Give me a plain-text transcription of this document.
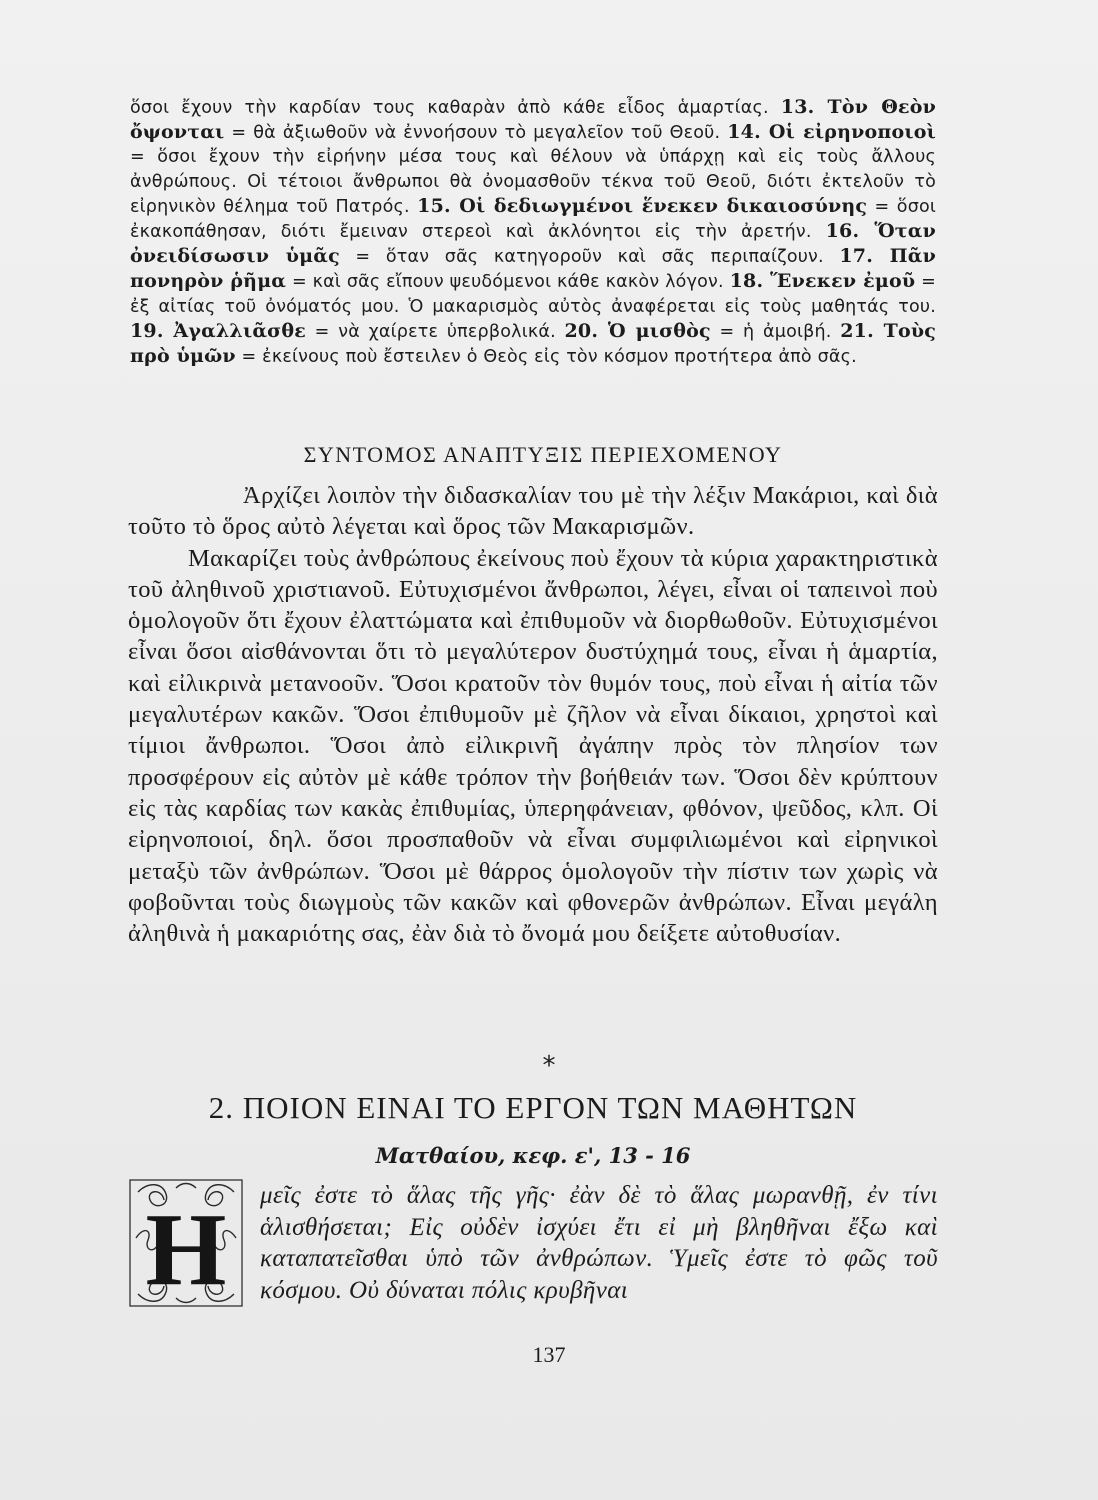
ὅσοι ἔχουν τὴν καρδίαν τους καθαρὰν ἀπὸ κάθε εἶδος ἁμαρτίας. 13. Τὸν Θεὸν ὄψονται = θὰ ἀξιωθοῦν νὰ ἐννοήσουν τὸ μεγαλεῖον τοῦ Θεοῦ. 14. Οἱ εἰρηνοποιοὶ = ὅσοι ἔχουν τὴν εἰρήνην μέσα τους καὶ θέλουν νὰ ὑπάρχῃ καὶ εἰς τοὺς ἄλλους ἀνθρώπους. Οἱ τέτοιοι ἄνθρωποι θὰ ὀνομασθοῦν τέκνα τοῦ Θεοῦ, διότι ἐκτελοῦν τὸ εἰρηνικὸν θέλημα τοῦ Πατρός. 15. Οἱ δεδιωγμένοι ἕνεκεν δικαιοσύνης = ὅσοι ἐκακοπάθησαν, διότι ἔμειναν στερεοὶ καὶ ἀκλόνητοι εἰς τὴν ἀρετήν. 16. Ὅταν ὀνειδίσωσιν ὑμᾶς = ὅταν σᾶς κατηγοροῦν καὶ σᾶς περιπαίζουν. 17. Πᾶν πονηρὸν ῥῆμα = καὶ σᾶς εἴπουν ψευδόμενοι κάθε κακὸν λόγον. 18. Ἕνεκεν ἐμοῦ = ἐξ αἰτίας τοῦ ὀνόματός μου. Ὁ μακαρισμὸς αὐτὸς ἀναφέρεται εἰς τοὺς μαθητάς του. 19. Ἀγαλλιᾶσθε = νὰ χαίρετε ὑπερβολικά. 20. Ὁ μισθὸς = ἡ ἀμοιβή. 21. Τοὺς πρὸ ὑμῶν = ἐκείνους ποὺ ἔστειλεν ὁ Θεὸς εἰς τὸν κόσμον προτήτερα ἀπὸ σᾶς.
ΣΥΝΤΟΜΟΣ ΑΝΑΠΤΥΞΙΣ ΠΕΡΙΕΧΟΜΕΝΟΥ

Ἀρχίζει λοιπὸν τὴν διδασκαλίαν του μὲ τὴν λέξιν Μακάριοι, καὶ διὰ τοῦτο τὸ ὅρος αὐτὸ λέγεται καὶ ὅρος τῶν Μακαρισμῶν.

Μακαρίζει τοὺς ἀνθρώπους ἐκείνους ποὺ ἔχουν τὰ κύρια χαρακτηριστικὰ τοῦ ἀληθινοῦ χριστιανοῦ. Εὐτυχισμένοι ἄνθρωποι, λέγει, εἶναι οἱ ταπεινοὶ ποὺ ὁμολογοῦν ὅτι ἔχουν ἐλαττώματα καὶ ἐπιθυμοῦν νὰ διορθωθοῦν. Εὐτυχισμένοι εἶναι ὅσοι αἰσθάνονται ὅτι τὸ μεγαλύτερον δυστύχημά τους, εἶναι ἡ ἁμαρτία, καὶ εἰλικρινὰ μετανοοῦν. Ὅσοι κρατοῦν τὸν θυμόν τους, ποὺ εἶναι ἡ αἰτία τῶν μεγαλυτέρων κακῶν. Ὅσοι ἐπιθυμοῦν μὲ ζῆλον νὰ εἶναι δίκαιοι, χρηστοὶ καὶ τίμιοι ἄνθρωποι. Ὅσοι ἀπὸ εἰλικρινῆ ἀγάπην πρὸς τὸν πλησίον των προσφέρουν εἰς αὐτὸν μὲ κάθε τρόπον τὴν βοήθειάν των. Ὅσοι δὲν κρύπτουν εἰς τὰς καρδίας των κακὰς ἐπιθυμίας, ὑπερηφάνειαν, φθόνον, ψεῦδος, κλπ. Οἱ εἰρηνοποιοί, δηλ. ὅσοι προσπαθοῦν νὰ εἶναι συμφιλιωμένοι καὶ εἰρηνικοὶ μεταξὺ τῶν ἀνθρώπων. Ὅσοι μὲ θάρρος ὁμολογοῦν τὴν πίστιν των χωρὶς νὰ φοβοῦνται τοὺς διωγμοὺς τῶν κακῶν καὶ φθονερῶν ἀνθρώπων. Εἶναι μεγάλη ἀληθινὰ ἡ μακαριότης σας, ἐὰν διὰ τὸ ὄνομά μου δείξετε αὐτοθυσίαν.

*
2. ΠΟΙΟΝ ΕΙΝΑΙ ΤΟ ΕΡΓΟΝ ΤΩΝ ΜΑΘΗΤΩΝ
Ματθαίου, κεφ. ε', 13 - 16
Η μεῖς ἐστε τὸ ἅλας τῆς γῆς· ἐὰν δὲ τὸ ἅλας μωρανθῇ, ἐν τίνι ἁλισθήσεται; Εἰς οὐδὲν ἰσχύει ἔτι εἰ μὴ βληθῆναι ἔξω καὶ καταπατεῖσθαι ὑπὸ τῶν ἀνθρώπων. Ὑμεῖς ἐστε τὸ φῶς τοῦ κόσμου. Οὐ δύναται πόλις κρυβῆναι
137
